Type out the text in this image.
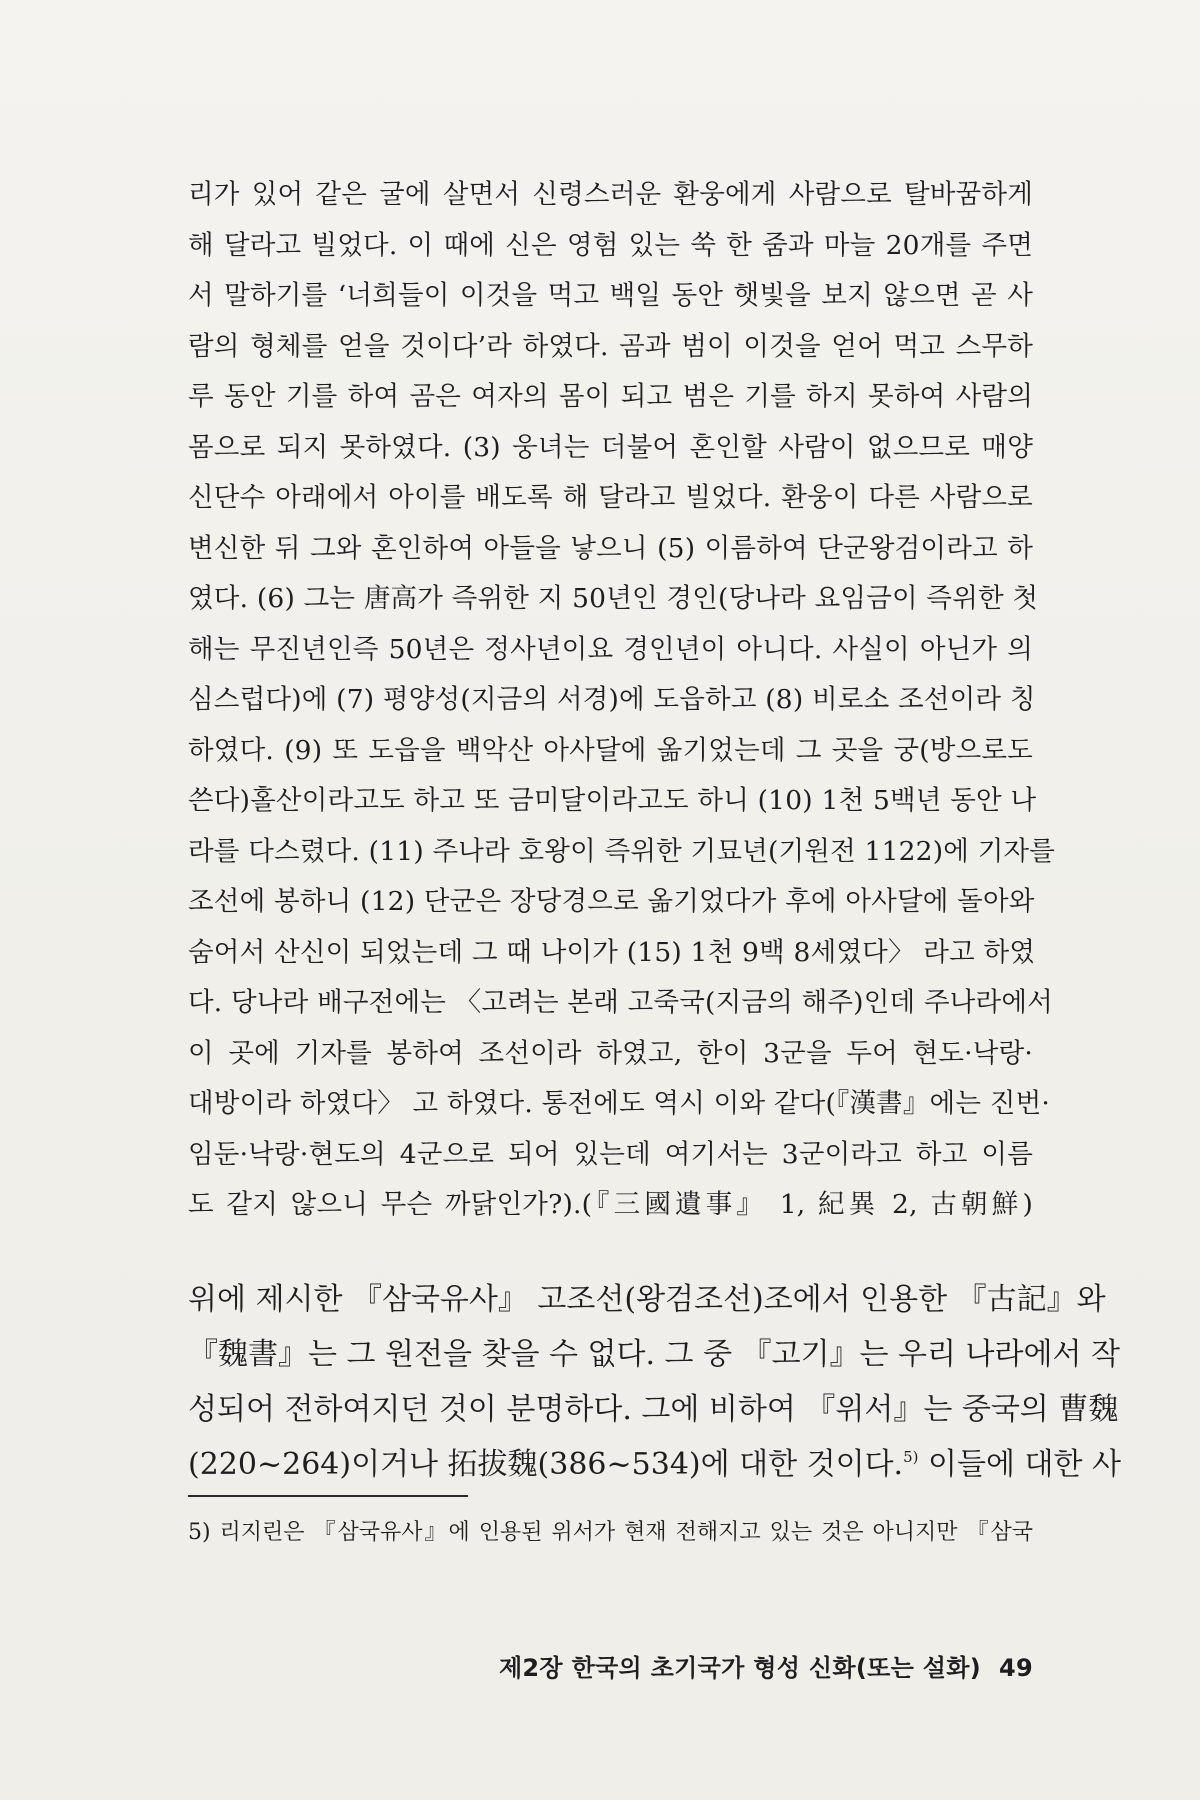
리가 있어 같은 굴에 살면서 신령스러운 환웅에게 사람으로 탈바꿈하게
해 달라고 빌었다. 이 때에 신은 영험 있는 쑥 한 줌과 마늘 20개를 주면
서 말하기를 ‘너희들이 이것을 먹고 백일 동안 햇빛을 보지 않으면 곧 사
람의 형체를 얻을 것이다’라 하였다. 곰과 범이 이것을 얻어 먹고 스무하
루 동안 기를 하여 곰은 여자의 몸이 되고 범은 기를 하지 못하여 사람의
몸으로 되지 못하였다. (3) 웅녀는 더불어 혼인할 사람이 없으므로 매양
신단수 아래에서 아이를 배도록 해 달라고 빌었다. 환웅이 다른 사람으로
변신한 뒤 그와 혼인하여 아들을 낳으니 (5) 이름하여 단군왕검이라고 하
였다. (6) 그는 唐高가 즉위한 지 50년인 경인(당나라 요임금이 즉위한 첫
해는 무진년인즉 50년은 정사년이요 경인년이 아니다. 사실이 아닌가 의
심스럽다)에 (7) 평양성(지금의 서경)에 도읍하고 (8) 비로소 조선이라 칭
하였다. (9) 또 도읍을 백악산 아사달에 옮기었는데 그 곳을 궁(방으로도
쓴다)홀산이라고도 하고 또 금미달이라고도 하니 (10) 1천 5백년 동안 나
라를 다스렸다. (11) 주나라 호왕이 즉위한 기묘년(기원전 1122)에 기자를
조선에 봉하니 (12) 단군은 장당경으로 옮기었다가 후에 아사달에 돌아와
숨어서 산신이 되었는데 그 때 나이가 (15) 1천 9백 8세였다〉 라고 하였
다. 당나라 배구전에는 〈고려는 본래 고죽국(지금의 해주)인데 주나라에서
이 곳에 기자를 봉하여 조선이라 하였고, 한이 3군을 두어 현도·낙랑·
대방이라 하였다〉 고 하였다. 통전에도 역시 이와 같다(『漢書』에는 진번·
임둔·낙랑·현도의 4군으로 되어 있는데 여기서는 3군이라고 하고 이름
도 같지 않으니 무슨 까닭인가?).(『三國遺事』 1, 紀異 2, 古朝鮮)
위에 제시한 『삼국유사』 고조선(왕검조선)조에서 인용한 『古記』와
『魏書』는 그 원전을 찾을 수 없다. 그 중 『고기』는 우리 나라에서 작
성되어 전하여지던 것이 분명하다. 그에 비하여 『위서』는 중국의 曹魏
(220~264)이거나 拓拔魏(386~534)에 대한 것이다.$^{5)}$ 이들에 대한 사
5) 리지린은 『삼국유사』에 인용된 위서가 현재 전해지고 있는 것은 아니지만 『삼국
제2장 한국의 초기국가 형성 신화(또는 설화) 49
